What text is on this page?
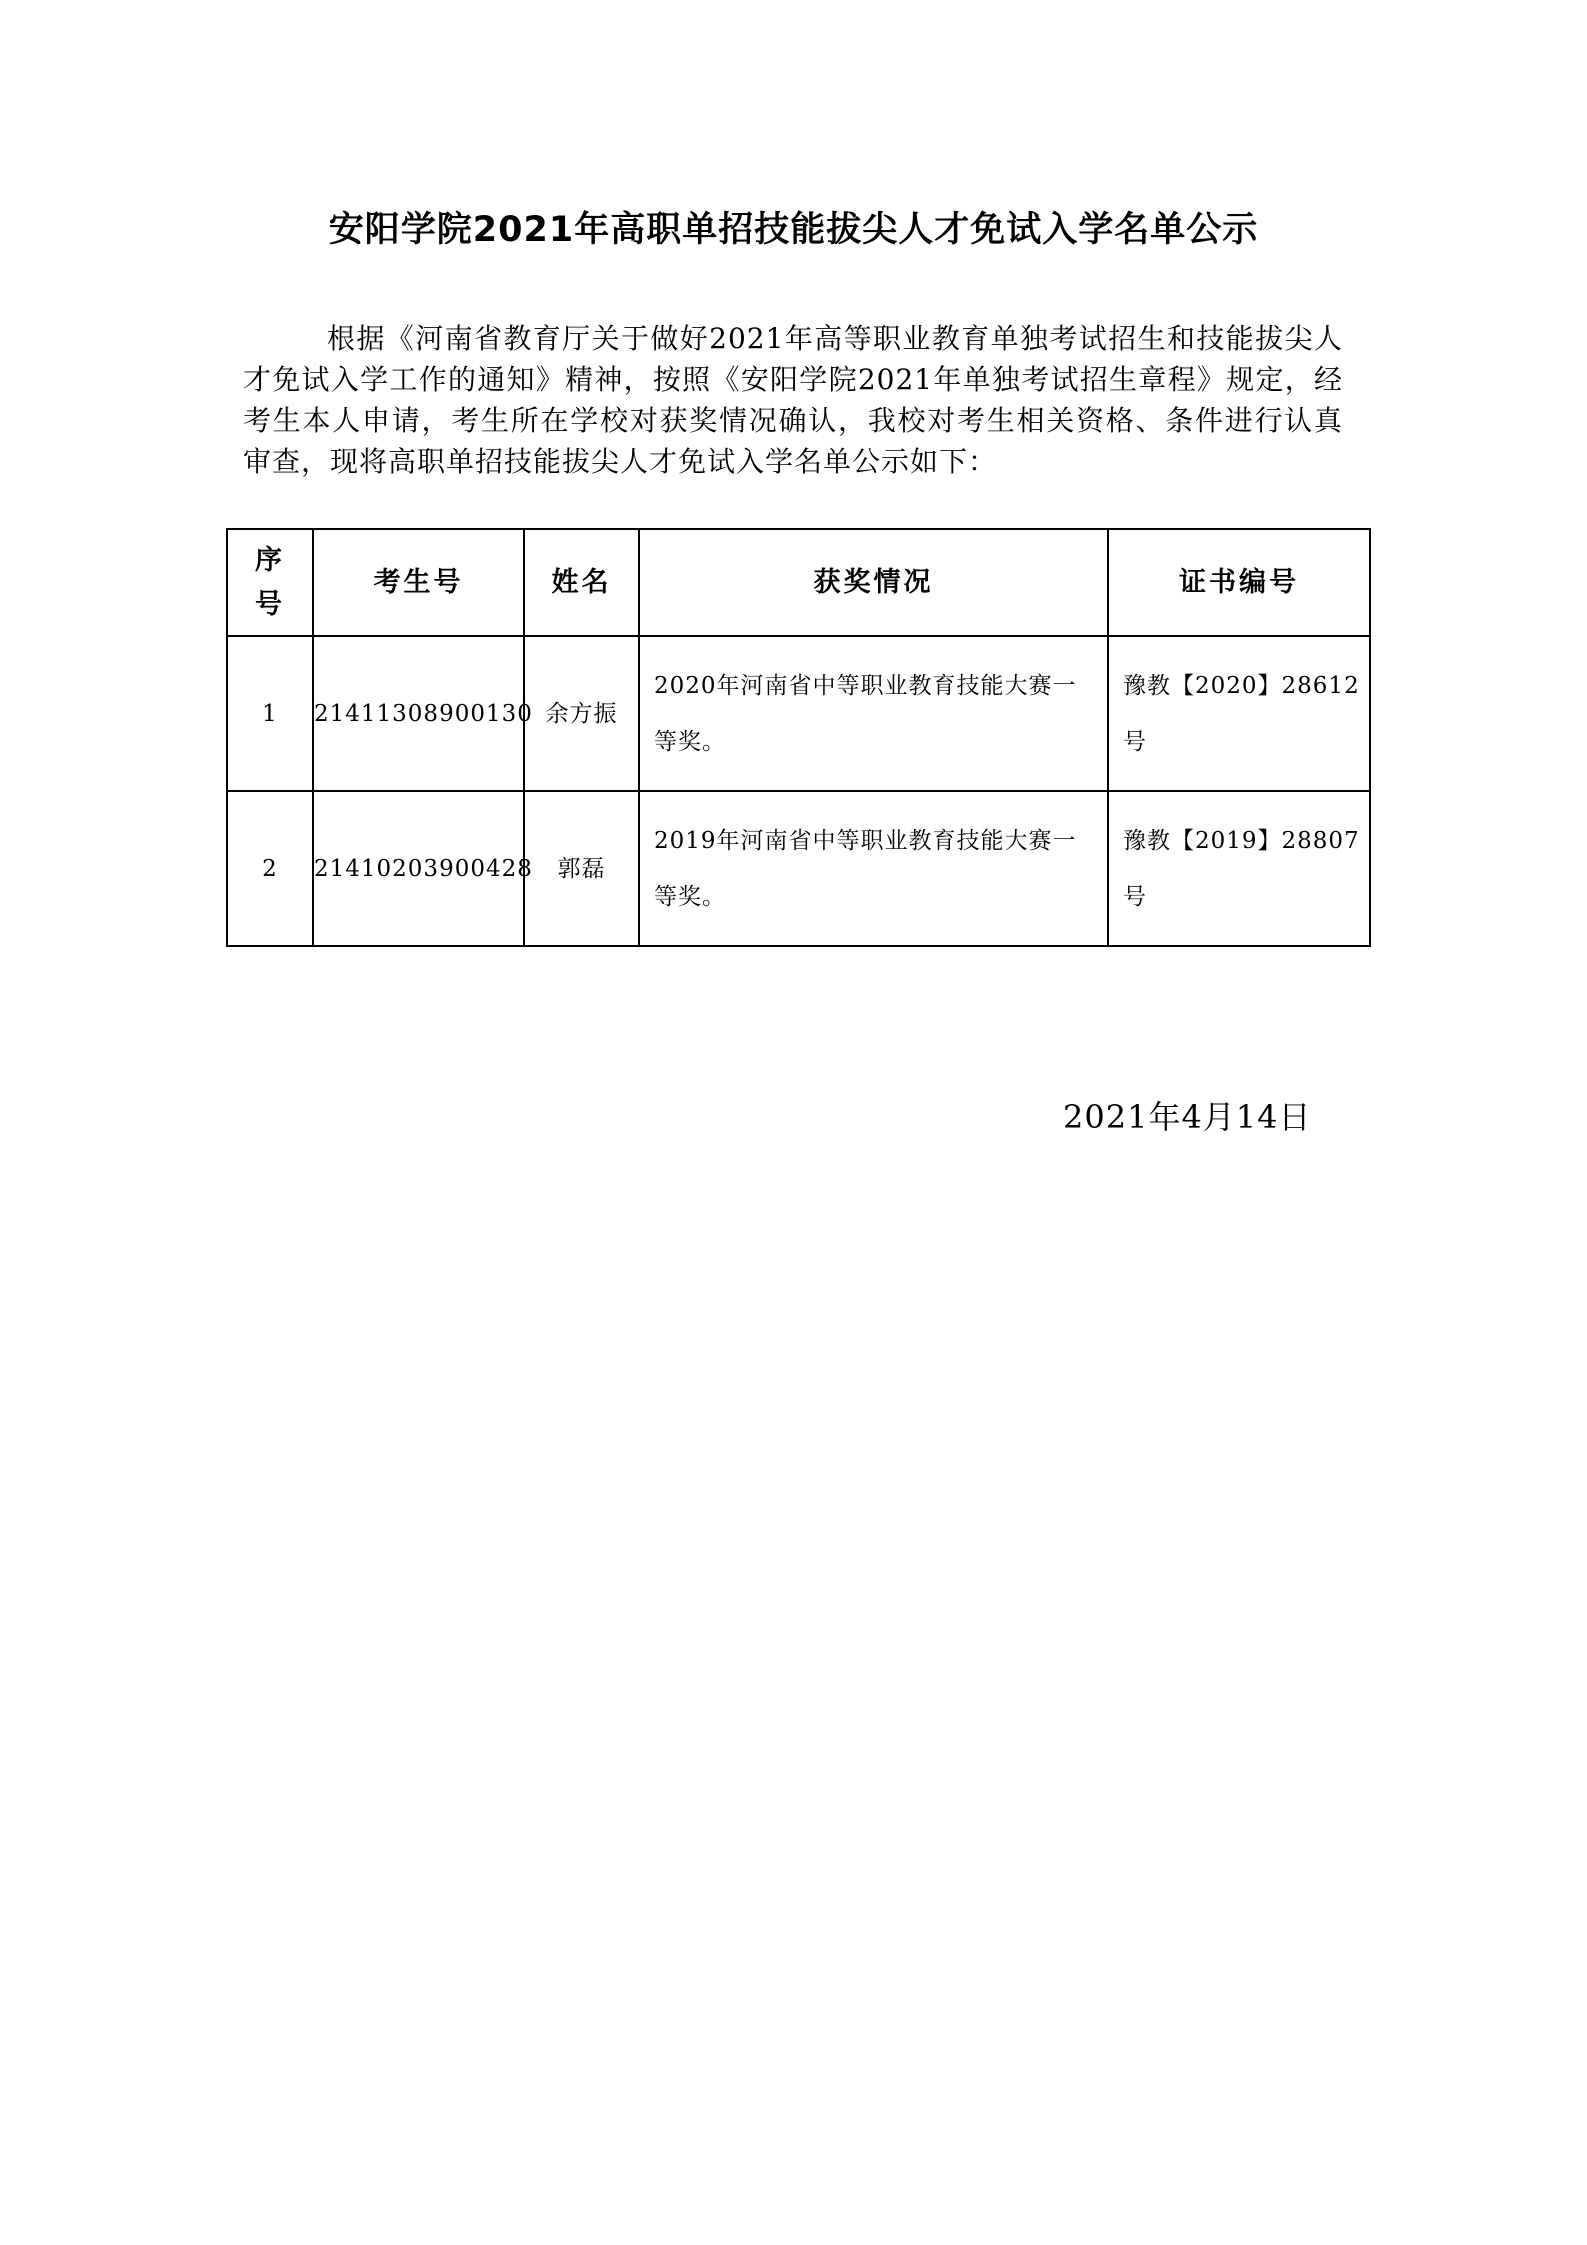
安阳学院2021年高职单招技能拔尖人才免试入学名单公示

根据《河南省教育厅关于做好2021年高等职业教育单独考试招生和技能拔尖人才免试入学工作的通知》精神，按照《安阳学院2021年单独考试招生章程》规定，经考生本人申请，考生所在学校对获奖情况确认，我校对考生相关资格、条件进行认真审查，现将高职单招技能拔尖人才免试入学名单公示如下：

序号	考生号	姓名	获奖情况	证书编号
1	21411308900130	余方振	2020年河南省中等职业教育技能大赛一等奖。	豫教【2020】28612号
2	21410203900428	郭磊	2019年河南省中等职业教育技能大赛一等奖。	豫教【2019】28807号

2021年4月14日
